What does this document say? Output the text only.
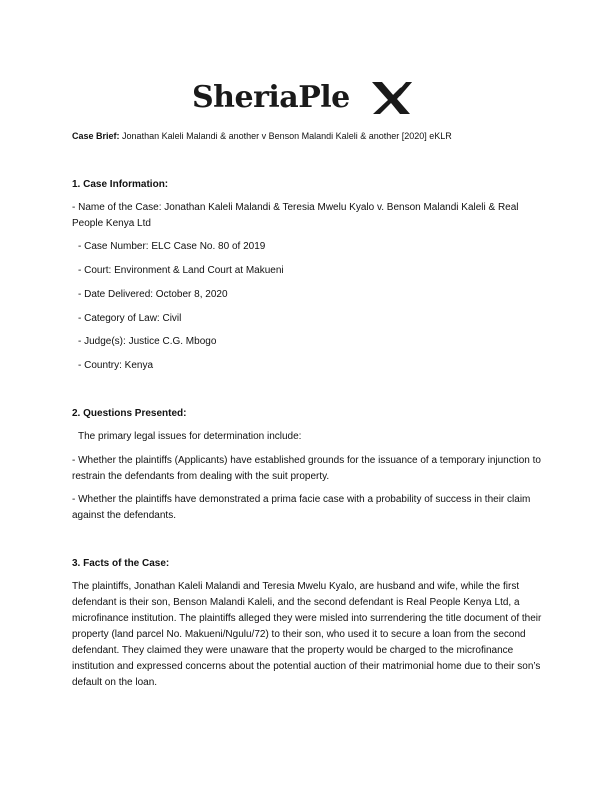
SheriaPle
Case Brief: Jonathan Kaleli Malandi & another v Benson Malandi Kaleli & another [2020] eKLR
1. Case Information:
- Name of the Case: Jonathan Kaleli Malandi & Teresia Mwelu Kyalo v. Benson Malandi Kaleli & Real People Kenya Ltd
- Case Number: ELC Case No. 80 of 2019
- Court: Environment & Land Court at Makueni
- Date Delivered: October 8, 2020
- Category of Law: Civil
- Judge(s): Justice C.G. Mbogo
- Country: Kenya
2. Questions Presented:
The primary legal issues for determination include:
- Whether the plaintiffs (Applicants) have established grounds for the issuance of a temporary injunction to restrain the defendants from dealing with the suit property.
- Whether the plaintiffs have demonstrated a prima facie case with a probability of success in their claim against the defendants.
3. Facts of the Case:
The plaintiffs, Jonathan Kaleli Malandi and Teresia Mwelu Kyalo, are husband and wife, while the first defendant is their son, Benson Malandi Kaleli, and the second defendant is Real People Kenya Ltd, a microfinance institution. The plaintiffs alleged they were misled into surrendering the title document of their property (land parcel No. Makueni/Ngulu/72) to their son, who used it to secure a loan from the second defendant. They claimed they were unaware that the property would be charged to the microfinance institution and expressed concerns about the potential auction of their matrimonial home due to their son’s default on the loan.
